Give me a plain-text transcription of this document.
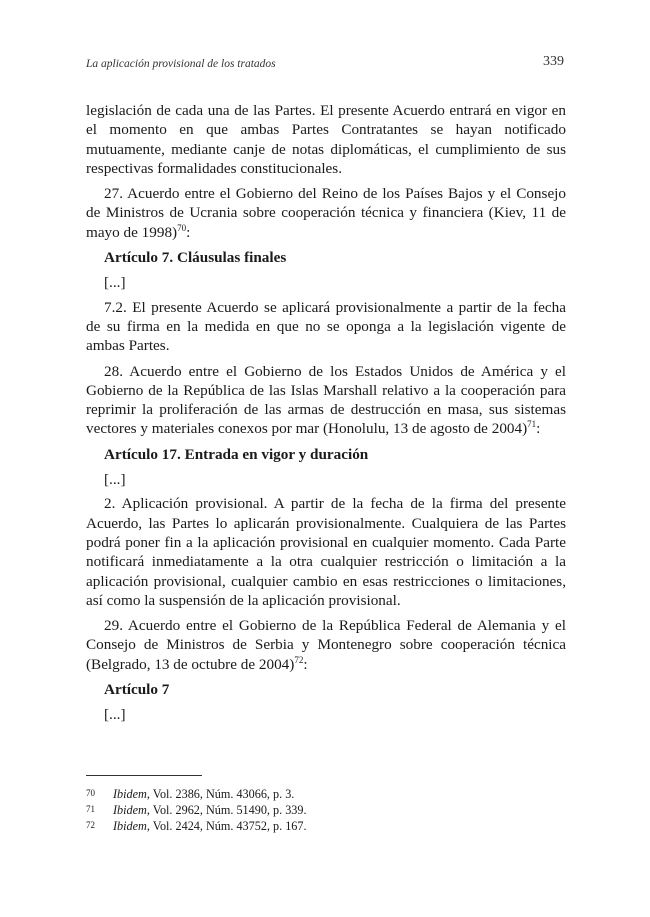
La aplicación provisional de los tratados	339

legislación de cada una de las Partes. El presente Acuerdo entrará en vigor en el momento en que ambas Partes Contratantes se hayan notificado mutuamente, mediante canje de notas diplomáticas, el cumplimiento de sus respectivas formalidades constitucionales.

27. Acuerdo entre el Gobierno del Reino de los Países Bajos y el Consejo de Ministros de Ucrania sobre cooperación técnica y financiera (Kiev, 11 de mayo de 1998)$^{70}$:

Artículo 7. Cláusulas finales

[...]

7.2. El presente Acuerdo se aplicará provisionalmente a partir de la fecha de su firma en la medida en que no se oponga a la legislación vigente de ambas Partes.

28. Acuerdo entre el Gobierno de los Estados Unidos de América y el Gobierno de la República de las Islas Marshall relativo a la cooperación para reprimir la proliferación de las armas de destrucción en masa, sus sistemas vectores y materiales conexos por mar (Honolulu, 13 de agosto de 2004)$^{71}$:

Artículo 17. Entrada en vigor y duración

[...]

2. Aplicación provisional. A partir de la fecha de la firma del presente Acuerdo, las Partes lo aplicarán provisionalmente. Cualquiera de las Partes podrá poner fin a la aplicación provisional en cualquier momento. Cada Parte notificará inmediatamente a la otra cualquier restricción o limitación a la aplicación provisional, cualquier cambio en esas restricciones o limitaciones, así como la suspensión de la aplicación provisional.

29. Acuerdo entre el Gobierno de la República Federal de Alemania y el Consejo de Ministros de Serbia y Montenegro sobre cooperación técnica (Belgrado, 13 de octubre de 2004)$^{72}$:

Artículo 7

[...]

70	Ibidem, Vol. 2386, Núm. 43066, p. 3.
71	Ibidem, Vol. 2962, Núm. 51490, p. 339.
72	Ibidem, Vol. 2424, Núm. 43752, p. 167.
